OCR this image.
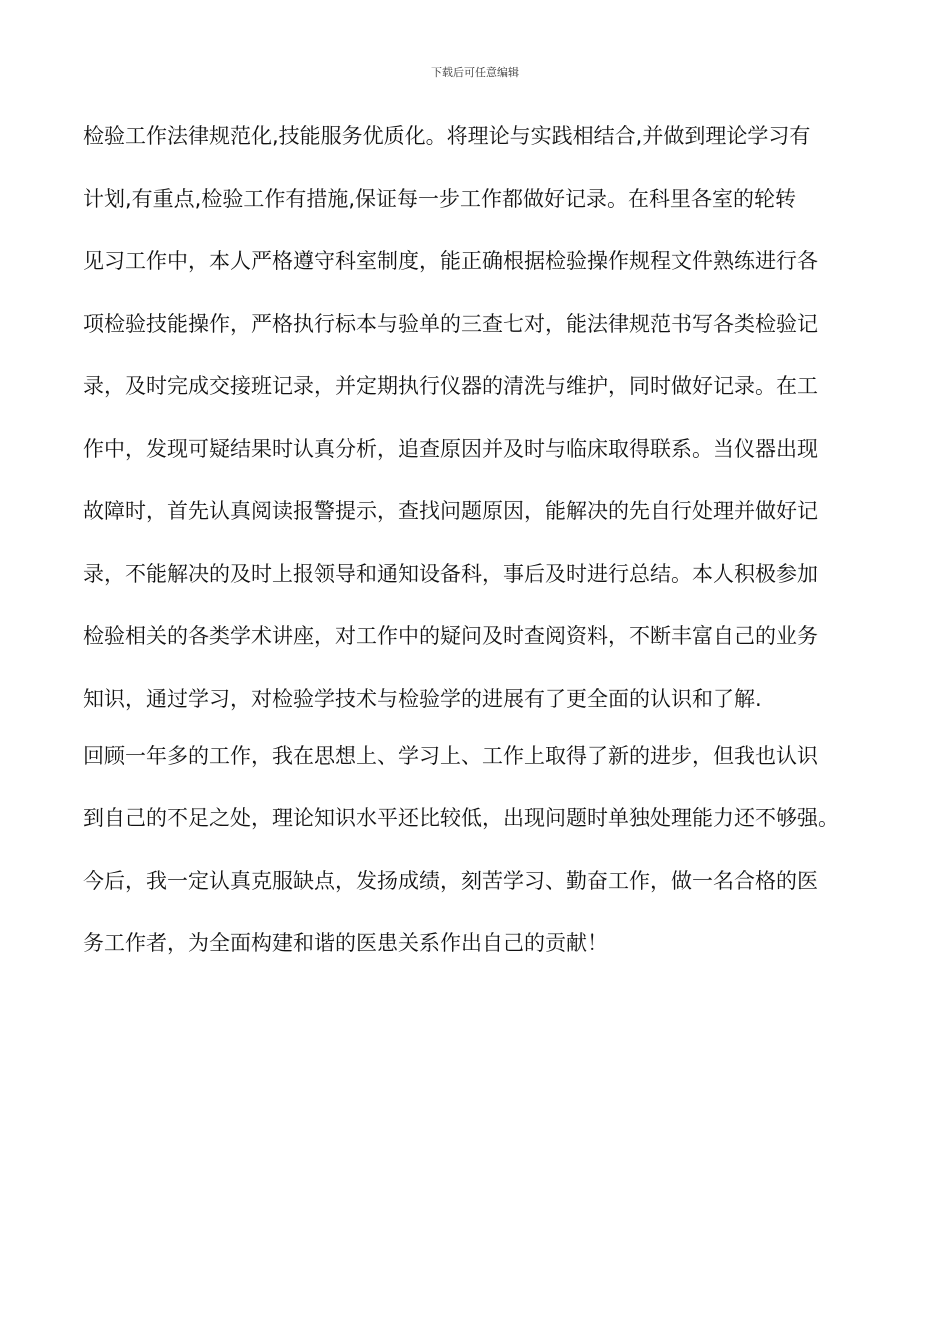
下载后可任意编辑
检验工作法律规范化,技能服务优质化。将理论与实践相结合,并做到理论学习有
计划,有重点,检验工作有措施,保证每一步工作都做好记录。在科里各室的轮转
见习工作中，本人严格遵守科室制度，能正确根据检验操作规程文件熟练进行各
项检验技能操作，严格执行标本与验单的三查七对，能法律规范书写各类检验记
录，及时完成交接班记录，并定期执行仪器的清洗与维护，同时做好记录。在工
作中，发现可疑结果时认真分析，追查原因并及时与临床取得联系。当仪器出现
故障时，首先认真阅读报警提示，查找问题原因，能解决的先自行处理并做好记
录，不能解决的及时上报领导和通知设备科，事后及时进行总结。本人积极参加
检验相关的各类学术讲座，对工作中的疑问及时查阅资料，不断丰富自己的业务
知识，通过学习，对检验学技术与检验学的进展有了更全面的认识和了解.
回顾一年多的工作，我在思想上、学习上、工作上取得了新的进步，但我也认识
到自己的不足之处，理论知识水平还比较低，出现问题时单独处理能力还不够强。
今后，我一定认真克服缺点，发扬成绩，刻苦学习、勤奋工作，做一名合格的医
务工作者，为全面构建和谐的医患关系作出自己的贡献！
